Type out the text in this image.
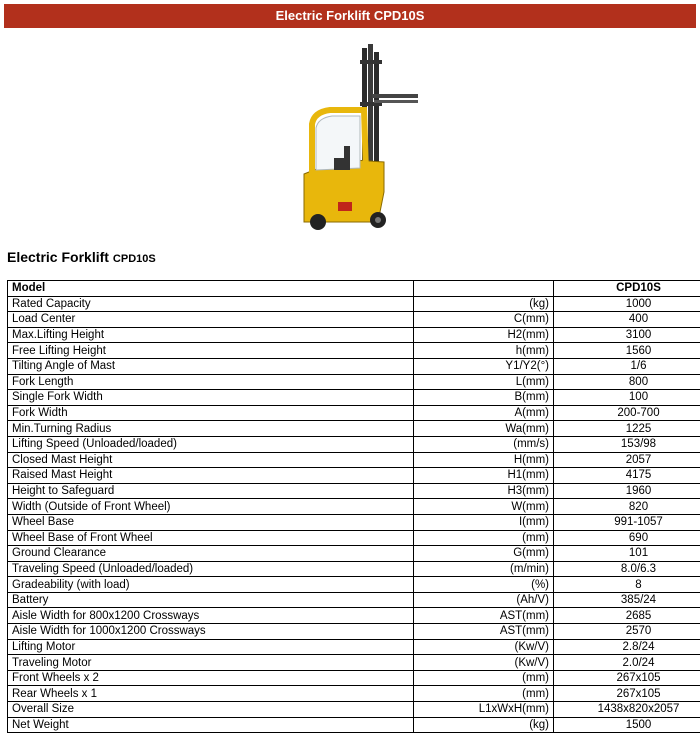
Electric Forklift CPD10S
Electric Forklift CPD10S
Model		CPD10S
Rated Capacity	(kg)	1000
Load Center	C(mm)	400
Max.Lifting Height	H2(mm)	3100
Free Lifting Height	h(mm)	1560
Tilting Angle of Mast	Y1/Y2(°)	1/6
Fork Length	L(mm)	800
Single Fork Width	B(mm)	100
Fork Width	A(mm)	200-700
Min.Turning Radius	Wa(mm)	1225
Lifting Speed (Unloaded/loaded)	(mm/s)	153/98
Closed Mast Height	H(mm)	2057
Raised Mast Height	H1(mm)	4175
Height to Safeguard	H3(mm)	1960
Width (Outside of Front Wheel)	W(mm)	820
Wheel Base	I(mm)	991-1057
Wheel Base of Front Wheel	(mm)	690
Ground Clearance	G(mm)	101
Traveling Speed (Unloaded/loaded)	(m/min)	8.0/6.3
Gradeability (with load)	(%)	8
Battery	(Ah/V)	385/24
Aisle Width for 800x1200 Crossways	AST(mm)	2685
Aisle Width for 1000x1200 Crossways	AST(mm)	2570
Lifting Motor	(Kw/V)	2.8/24
Traveling Motor	(Kw/V)	2.0/24
Front Wheels x 2	(mm)	267x105
Rear Wheels x 1	(mm)	267x105
Overall Size	L1xWxH(mm)	1438x820x2057
Net Weight	(kg)	1500
